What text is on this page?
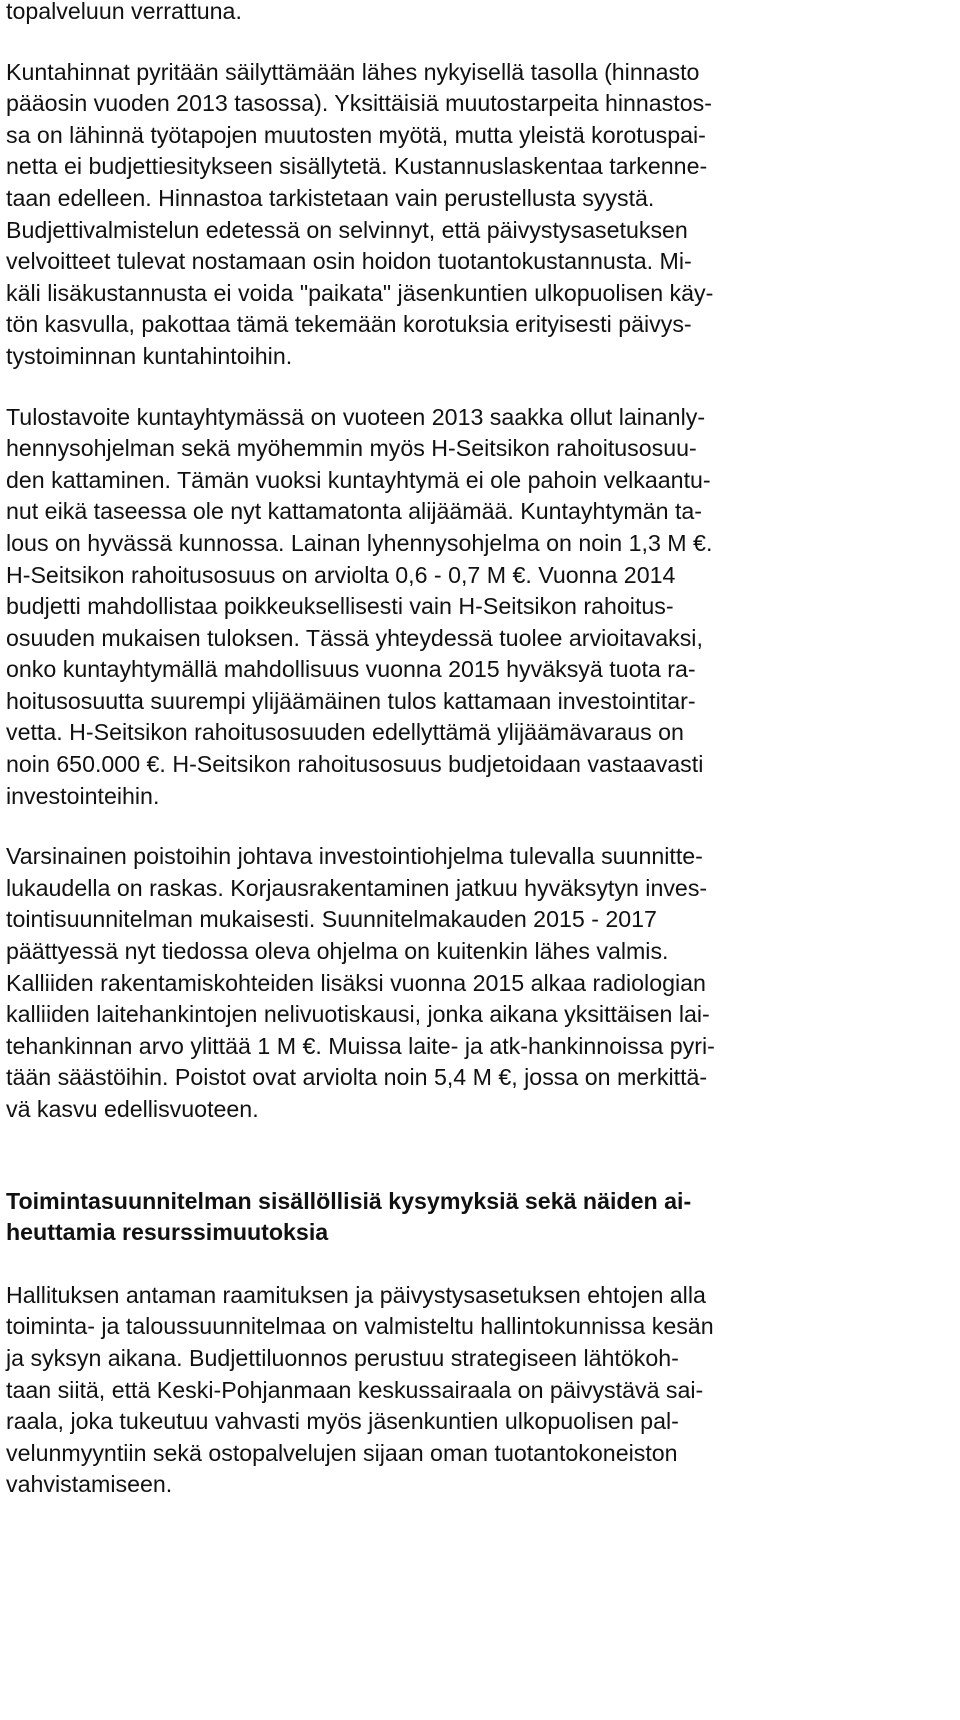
topalveluun verrattuna.
Kuntahinnat pyritään säilyttämään lähes nykyisellä tasolla (hinnasto
pääosin vuoden 2013 tasossa). Yksittäisiä muutostarpeita hinnastos-
sa on lähinnä työtapojen muutosten myötä, mutta yleistä korotuspai-
netta ei budjettiesitykseen sisällytetä. Kustannuslaskentaa tarkenne-
taan edelleen. Hinnastoa tarkistetaan vain perustellusta syystä.
Budjettivalmistelun edetessä on selvinnyt, että päivystysasetuksen
velvoitteet tulevat nostamaan osin hoidon tuotantokustannusta. Mi-
käli lisäkustannusta ei voida "paikata" jäsenkuntien ulkopuolisen käy-
tön kasvulla, pakottaa tämä tekemään korotuksia erityisesti päivys-
tystoiminnan kuntahintoihin.
Tulostavoite kuntayhtymässä on vuoteen 2013 saakka ollut lainanly-
hennysohjelman sekä myöhemmin myös H-Seitsikon rahoitusosuu-
den kattaminen. Tämän vuoksi kuntayhtymä ei ole pahoin velkaantu-
nut eikä taseessa ole nyt kattamatonta alijäämää. Kuntayhtymän ta-
lous on hyvässä kunnossa. Lainan lyhennysohjelma on noin 1,3 M €.
H-Seitsikon rahoitusosuus on arviolta 0,6 - 0,7 M €. Vuonna 2014
budjetti mahdollistaa poikkeuksellisesti vain H-Seitsikon rahoitus-
osuuden mukaisen tuloksen. Tässä yhteydessä tuolee arvioitavaksi,
onko kuntayhtymällä mahdollisuus vuonna 2015 hyväksyä tuota ra-
hoitusosuutta suurempi ylijäämäinen tulos kattamaan investointitar-
vetta. H-Seitsikon rahoitusosuuden edellyttämä ylijäämävaraus on
noin 650.000 €. H-Seitsikon rahoitusosuus budjetoidaan vastaavasti
investointeihin.
Varsinainen poistoihin johtava investointiohjelma tulevalla suunnitte-
lukaudella on raskas. Korjausrakentaminen jatkuu hyväksytyn inves-
tointisuunnitelman mukaisesti. Suunnitelmakauden 2015 - 2017
päättyessä nyt tiedossa oleva ohjelma on kuitenkin lähes valmis.
Kalliiden rakentamiskohteiden lisäksi vuonna 2015 alkaa radiologian
kalliiden laitehankintojen nelivuotiskausi, jonka aikana yksittäisen lai-
tehankinnan arvo ylittää 1 M €. Muissa laite- ja atk-hankinnoissa pyri-
tään säästöihin. Poistot ovat arviolta noin 5,4 M €, jossa on merkittä-
vä kasvu edellisvuoteen.
Toimintasuunnitelman sisällöllisiä kysymyksiä sekä näiden ai-
heuttamia resurssimuutoksia
Hallituksen antaman raamituksen ja päivystysasetuksen ehtojen alla
toiminta- ja taloussuunnitelmaa on valmisteltu hallintokunnissa kesän
ja syksyn aikana. Budjettiluonnos perustuu strategiseen lähtökoh-
taan siitä, että Keski-Pohjanmaan keskussairaala on päivystävä sai-
raala, joka tukeutuu vahvasti myös jäsenkuntien ulkopuolisen pal-
velunmyyntiin sekä ostopalvelujen sijaan oman tuotantokoneiston
vahvistamiseen.
